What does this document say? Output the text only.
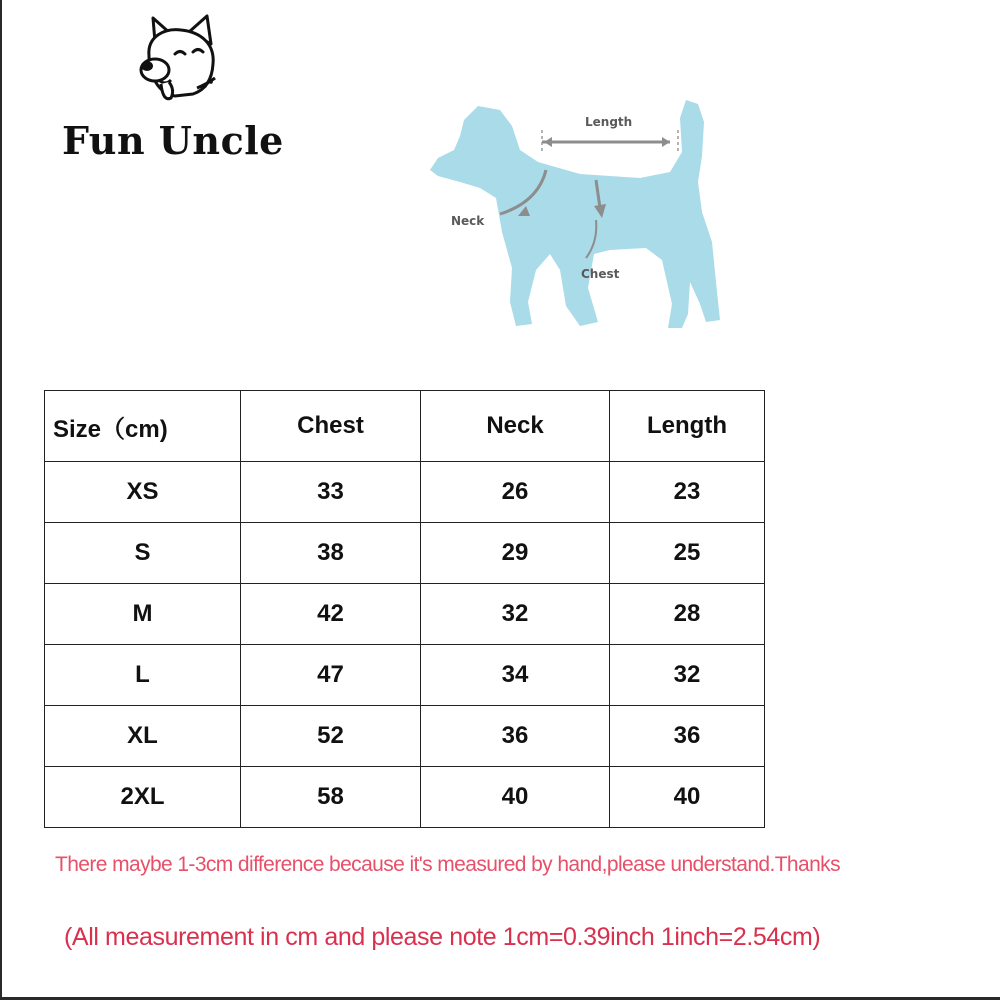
Fun Uncle	Length
Neck
Chest
Size（cm)	Chest	Neck	Length
XS	33	26	23
S	38	29	25
M	42	32	28
L	47	34	32
XL	52	36	36
2XL	58	40	40
There maybe 1-3cm difference because it's measured by hand,please understand.Thanks
(All measurement in cm and please note 1cm=0.39inch 1inch=2.54cm)
